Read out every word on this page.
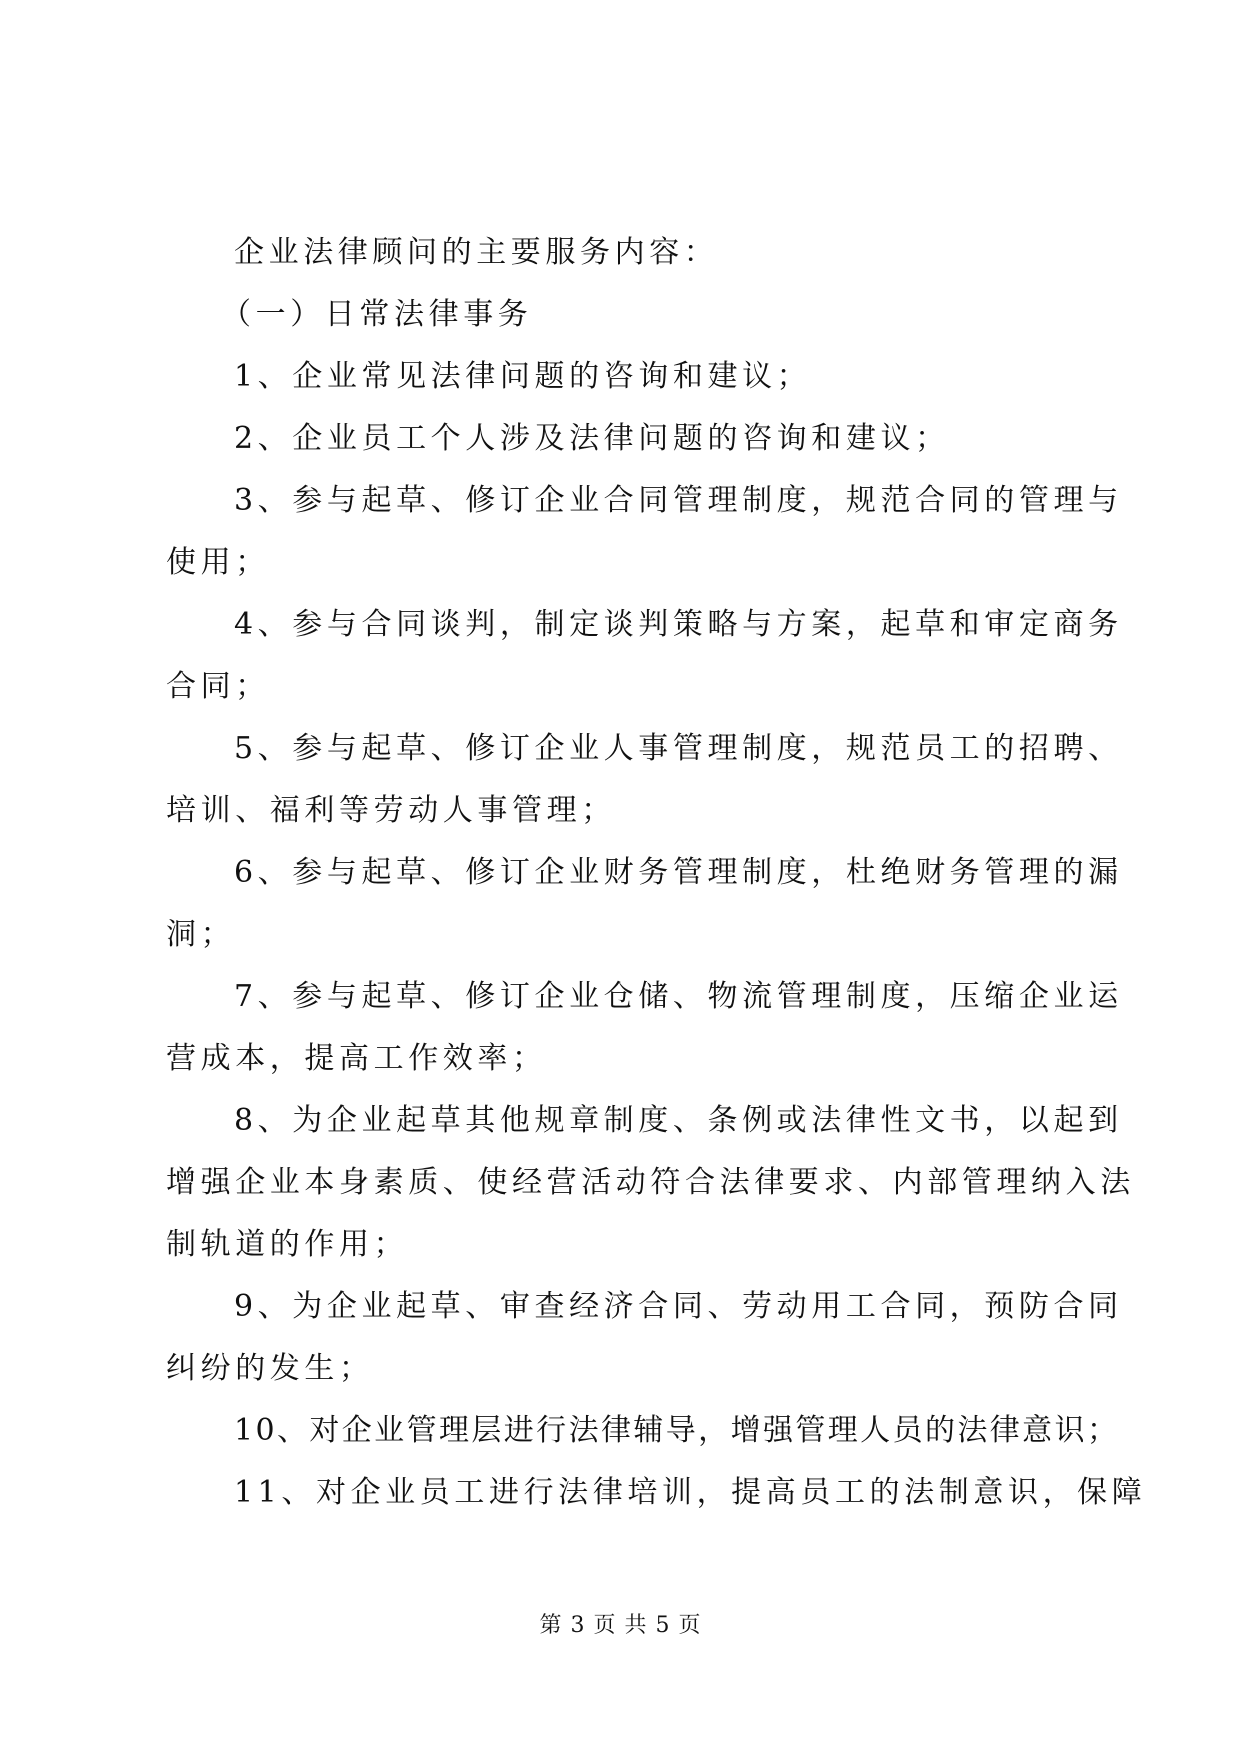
企业法律顾问的主要服务内容：
（一）日常法律事务
1、企业常见法律问题的咨询和建议；
2、企业员工个人涉及法律问题的咨询和建议；
3、参与起草、修订企业合同管理制度，规范合同的管理与
使用；
4、参与合同谈判，制定谈判策略与方案，起草和审定商务
合同；
5、参与起草、修订企业人事管理制度，规范员工的招聘、
培训、福利等劳动人事管理；
6、参与起草、修订企业财务管理制度，杜绝财务管理的漏
洞；
7、参与起草、修订企业仓储、物流管理制度，压缩企业运
营成本，提高工作效率；
8、为企业起草其他规章制度、条例或法律性文书，以起到
增强企业本身素质、使经营活动符合法律要求、内部管理纳入法
制轨道的作用；
9、为企业起草、审查经济合同、劳动用工合同，预防合同
纠纷的发生；
10、对企业管理层进行法律辅导，增强管理人员的法律意识；
11、对企业员工进行法律培训，提高员工的法制意识，保障
第 3 页 共 5 页
